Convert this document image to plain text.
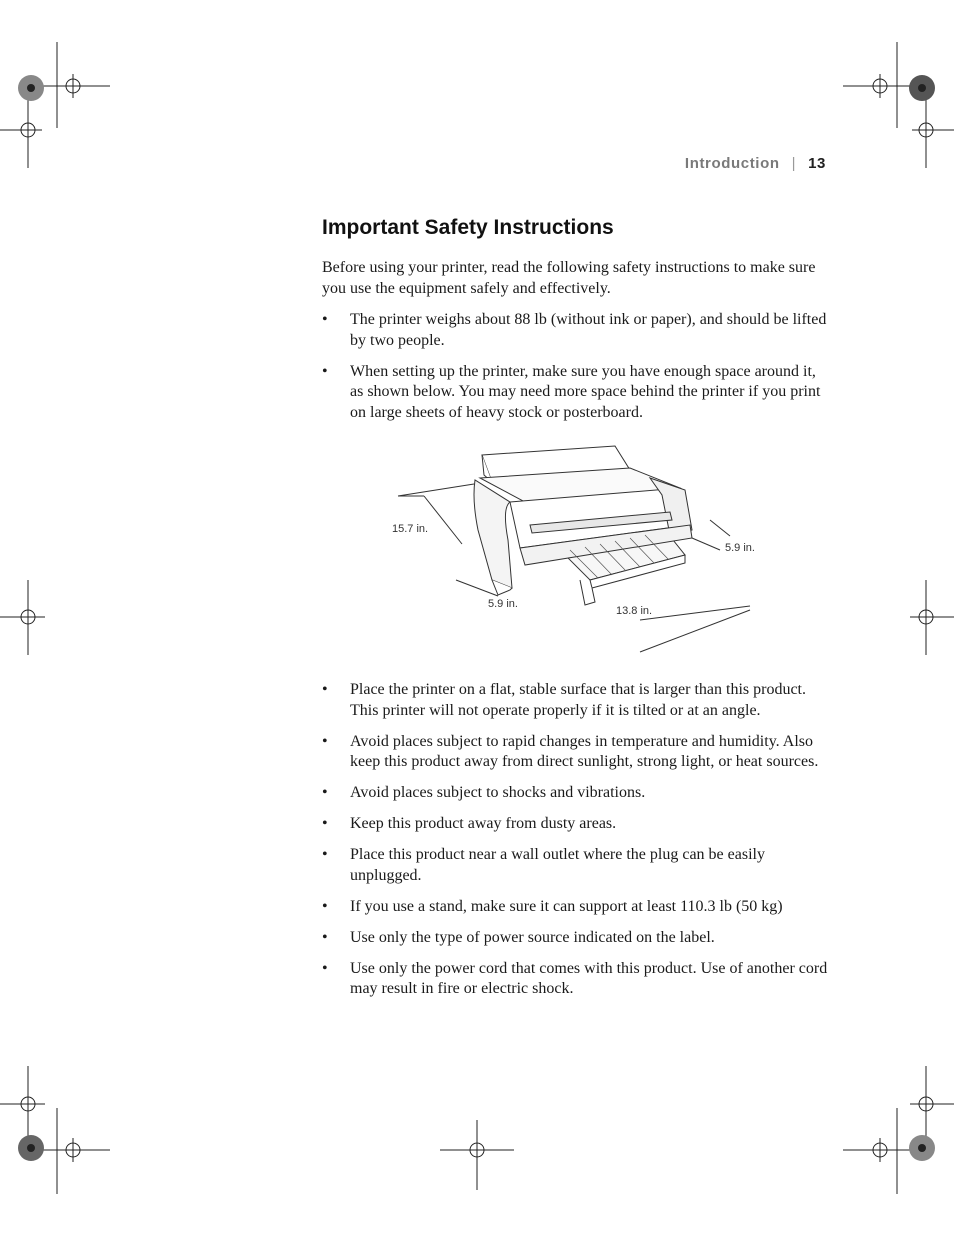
Introduction | 13
Important Safety Instructions

Before using your printer, read the following safety instructions to make sure you use the equipment safely and effectively.

• The printer weighs about 88 lb (without ink or paper), and should be lifted by two people.
• When setting up the printer, make sure you have enough space around it, as shown below. You may need more space behind the printer if you print on large sheets of heavy stock or posterboard.
15.7 in.
5.9 in.
5.9 in.
13.8 in.
• Place the printer on a flat, stable surface that is larger than this product. This printer will not operate properly if it is tilted or at an angle.
• Avoid places subject to rapid changes in temperature and humidity. Also keep this product away from direct sunlight, strong light, or heat sources.
• Avoid places subject to shocks and vibrations.
• Keep this product away from dusty areas.
• Place this product near a wall outlet where the plug can be easily unplugged.
• If you use a stand, make sure it can support at least 110.3 lb (50 kg)
• Use only the type of power source indicated on the label.
• Use only the power cord that comes with this product. Use of another cord may result in fire or electric shock.
